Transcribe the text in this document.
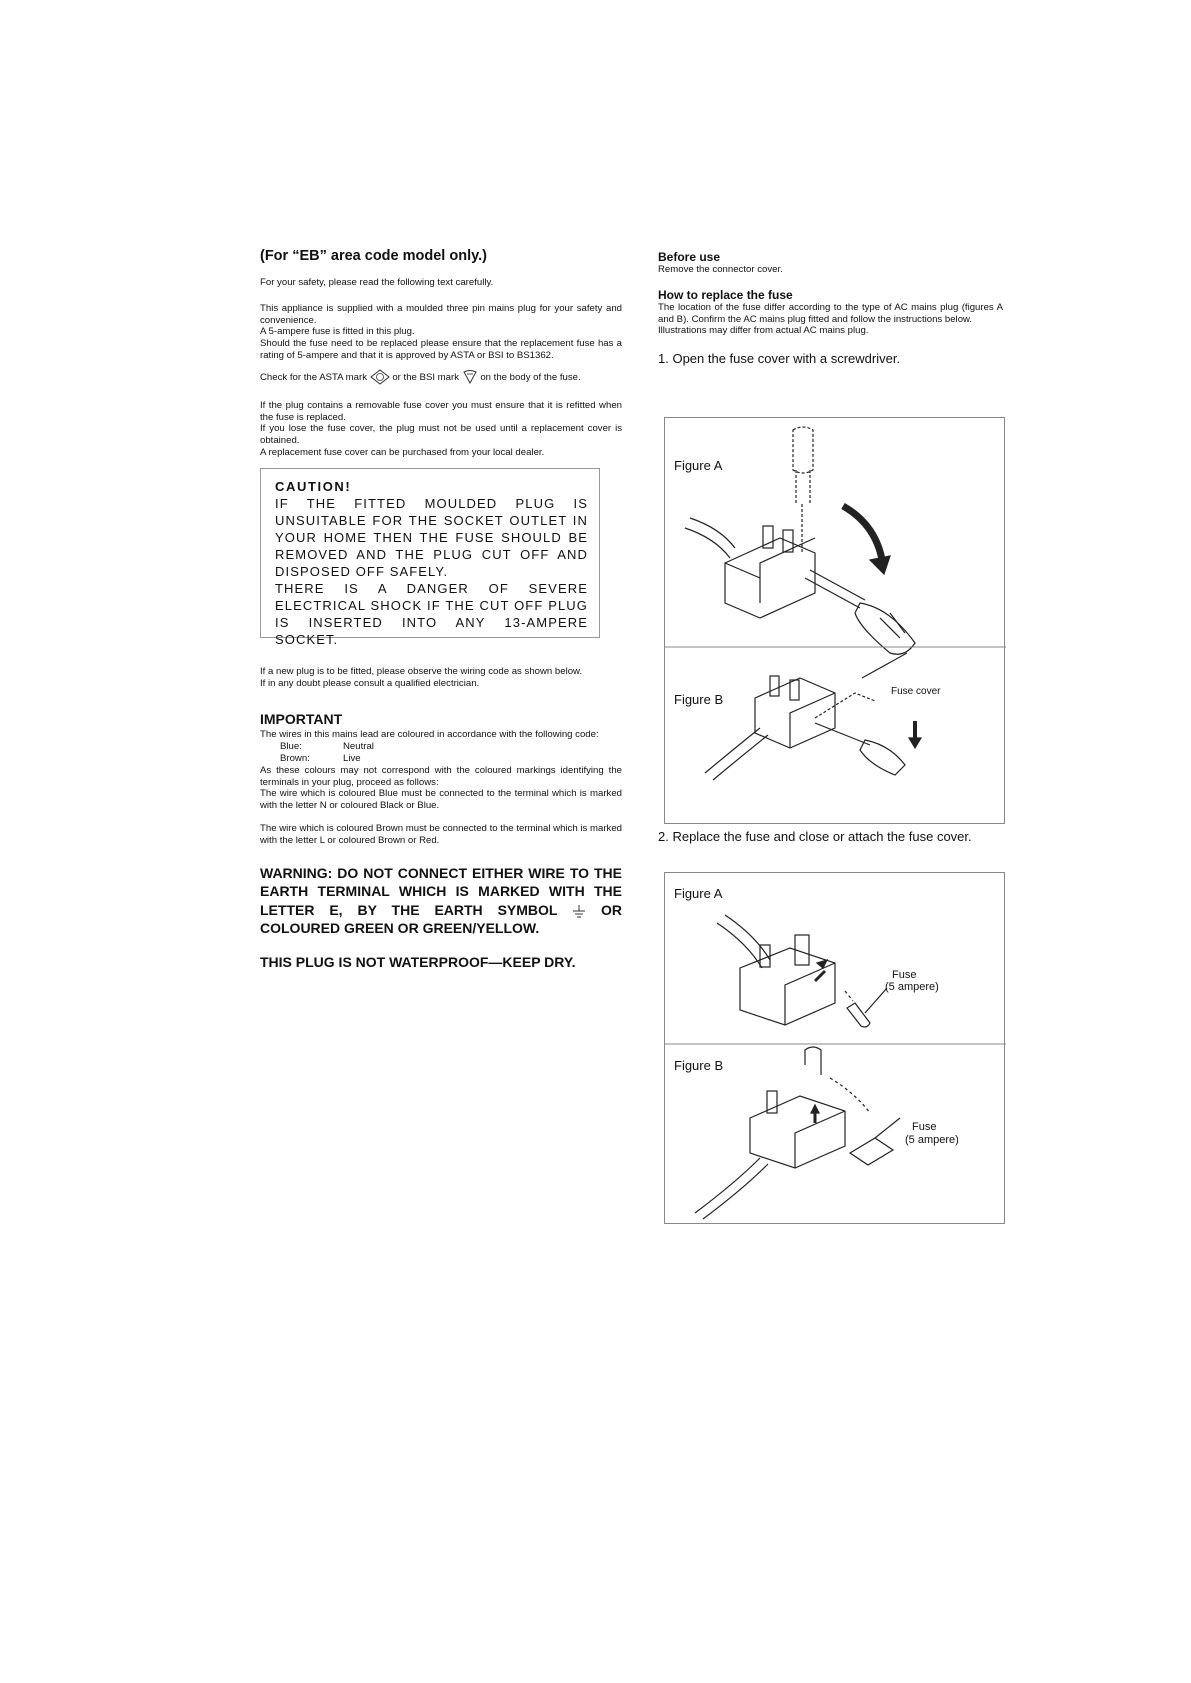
(For “EB” area code model only.)

For your safety, please read the following text carefully.

This appliance is supplied with a moulded three pin mains plug for your safety and convenience.

A 5-ampere fuse is fitted in this plug.

Should the fuse need to be replaced please ensure that the replacement fuse has a rating of 5-ampere and that it is approved by ASTA or BSI to BS1362.

Check for the ASTA mark	or the BSI mark on the body of the fuse.

If the plug contains a removable fuse cover you must ensure that it is refitted when the fuse is replaced.

If you lose the fuse cover, the plug must not be used until a replacement cover is obtained.

A replacement fuse cover can be purchased from your local dealer.

CAUTION!

IF THE FITTED MOULDED PLUG IS

UNSUITABLE FOR THE SOCKET OUTLET IN

YOUR HOME THEN THE FUSE SHOULD BE

REMOVED AND THE PLUG CUT OFF AND

DISPOSED OFF SAFELY.

THERE IS A DANGER OF SEVERE

ELECTRICAL SHOCK IF THE CUT OFF PLUG

IS INSERTED INTO ANY 13-AMPERE

SOCKET.

If a new plug is to be fitted, please observe the wiring code as shown below.

If in any doubt please consult a qualified electrician.

IMPORTANT

The wires in this mains lead are coloured in accordance with the following code:

Blue:	Neutral
Brown:	Live

As these colours may not correspond with the coloured markings identifying the terminals in your plug, proceed as follows:

The wire which is coloured Blue must be connected to the terminal which is marked with the letter N or coloured Black or Blue.

The wire which is coloured Brown must be connected to the terminal which is marked with the letter L or coloured Brown or Red.

WARNING: DO NOT CONNECT EITHER WIRE TO THE EARTH TERMINAL WHICH IS MARKED WITH THE LETTER E, BY THE EARTH SYMBOL	OR COLOURED GREEN OR GREEN/YELLOW.
THIS PLUG IS NOT WATERPROOF—KEEP DRY.
Before use

Remove the connector cover.

How to replace the fuse

The location of the fuse differ according to the type of AC mains plug (figures A and B). Confirm the AC mains plug fitted and follow the instructions below.

Illustrations may differ from actual AC mains plug.

1. Open the fuse cover with a screwdriver.
Figure A
Figure B
Fuse cover
2. Replace the fuse and close or attach the fuse cover.
Figure A
Fuse
(5 ampere)
Figure B
Fuse
(5 ampere)
